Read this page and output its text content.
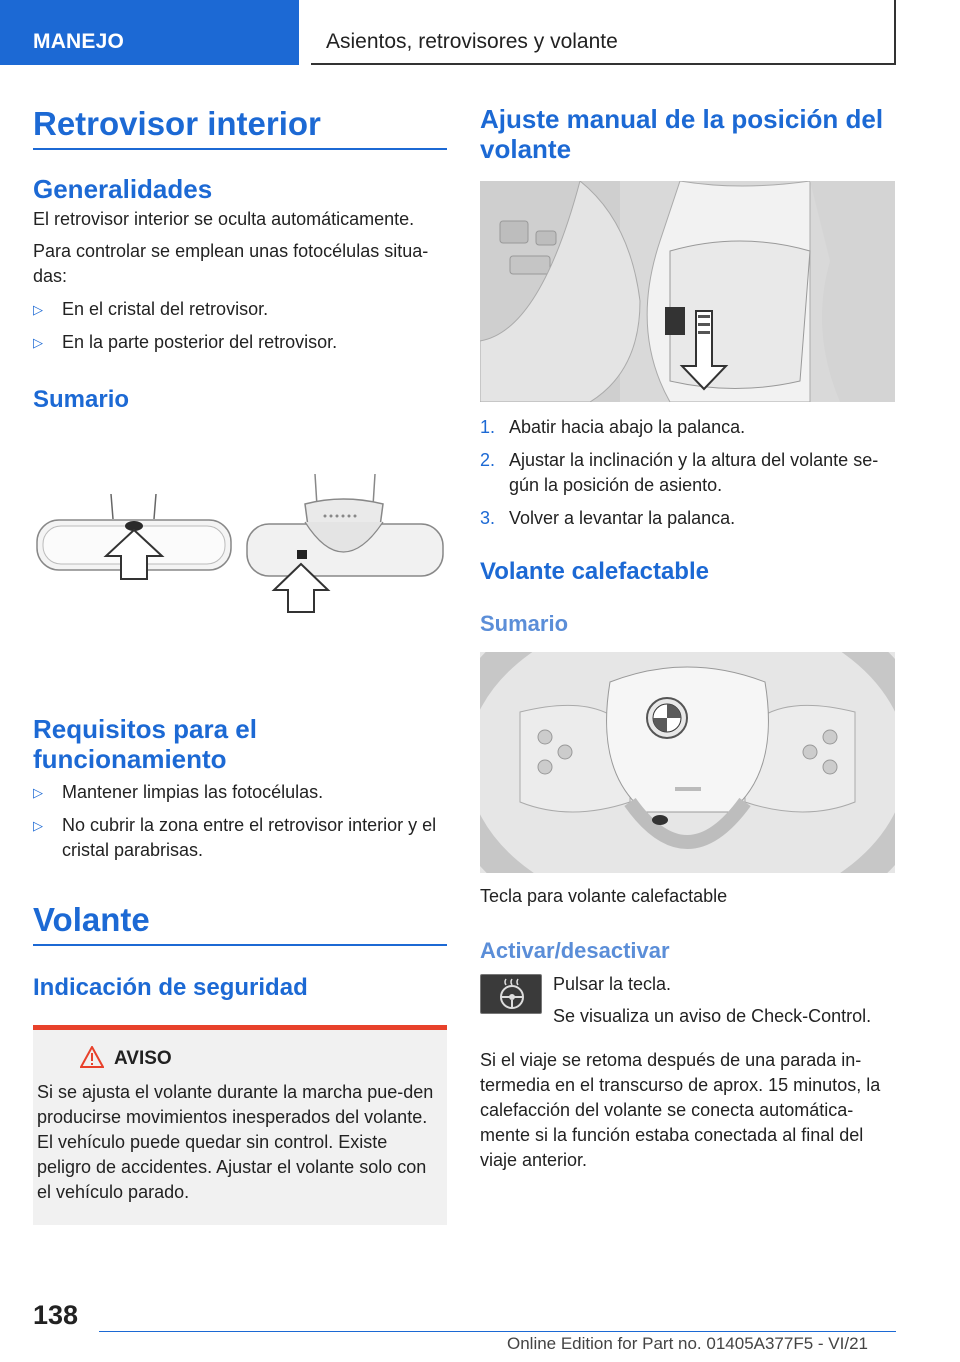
MANEJO	Asientos, retrovisores y volante
Retrovisor interior
Generalidades

El retrovisor interior se oculta automáticamente.

Para controlar se emplean unas fotocélulas situa‐das:

▷ En el cristal del retrovisor.
▷ En la parte posterior del retrovisor.
Sumario
Requisitos para el funcionamiento
▷ Mantener limpias las fotocélulas.
▷ No cubrir la zona entre el retrovisor interior y el cristal parabrisas.
Volante
Indicación de seguridad
AVISO

Si se ajusta el volante durante la marcha pue‐den producirse movimientos inesperados del volante. El vehículo puede quedar sin control. Existe peligro de accidentes. Ajustar el volante solo con el vehículo parado.

Ajuste manual de la posición del volante
1. Abatir hacia abajo la palanca.
2. Ajustar la inclinación y la altura del volante se‐gún la posición de asiento.
3. Volver a levantar la palanca.
Volante calefactable
Sumario

Tecla para volante calefactable

Activar/desactivar

Pulsar la tecla.

Se visualiza un aviso de Check-Control.

Si el viaje se retoma después de una parada in‐termedia en el transcurso de aprox. 15 minutos, la calefacción del volante se conecta automática‐mente si la función estaba conectada al final del viaje anterior.

138
Online Edition for Part no. 01405A377F5 - VI/21
